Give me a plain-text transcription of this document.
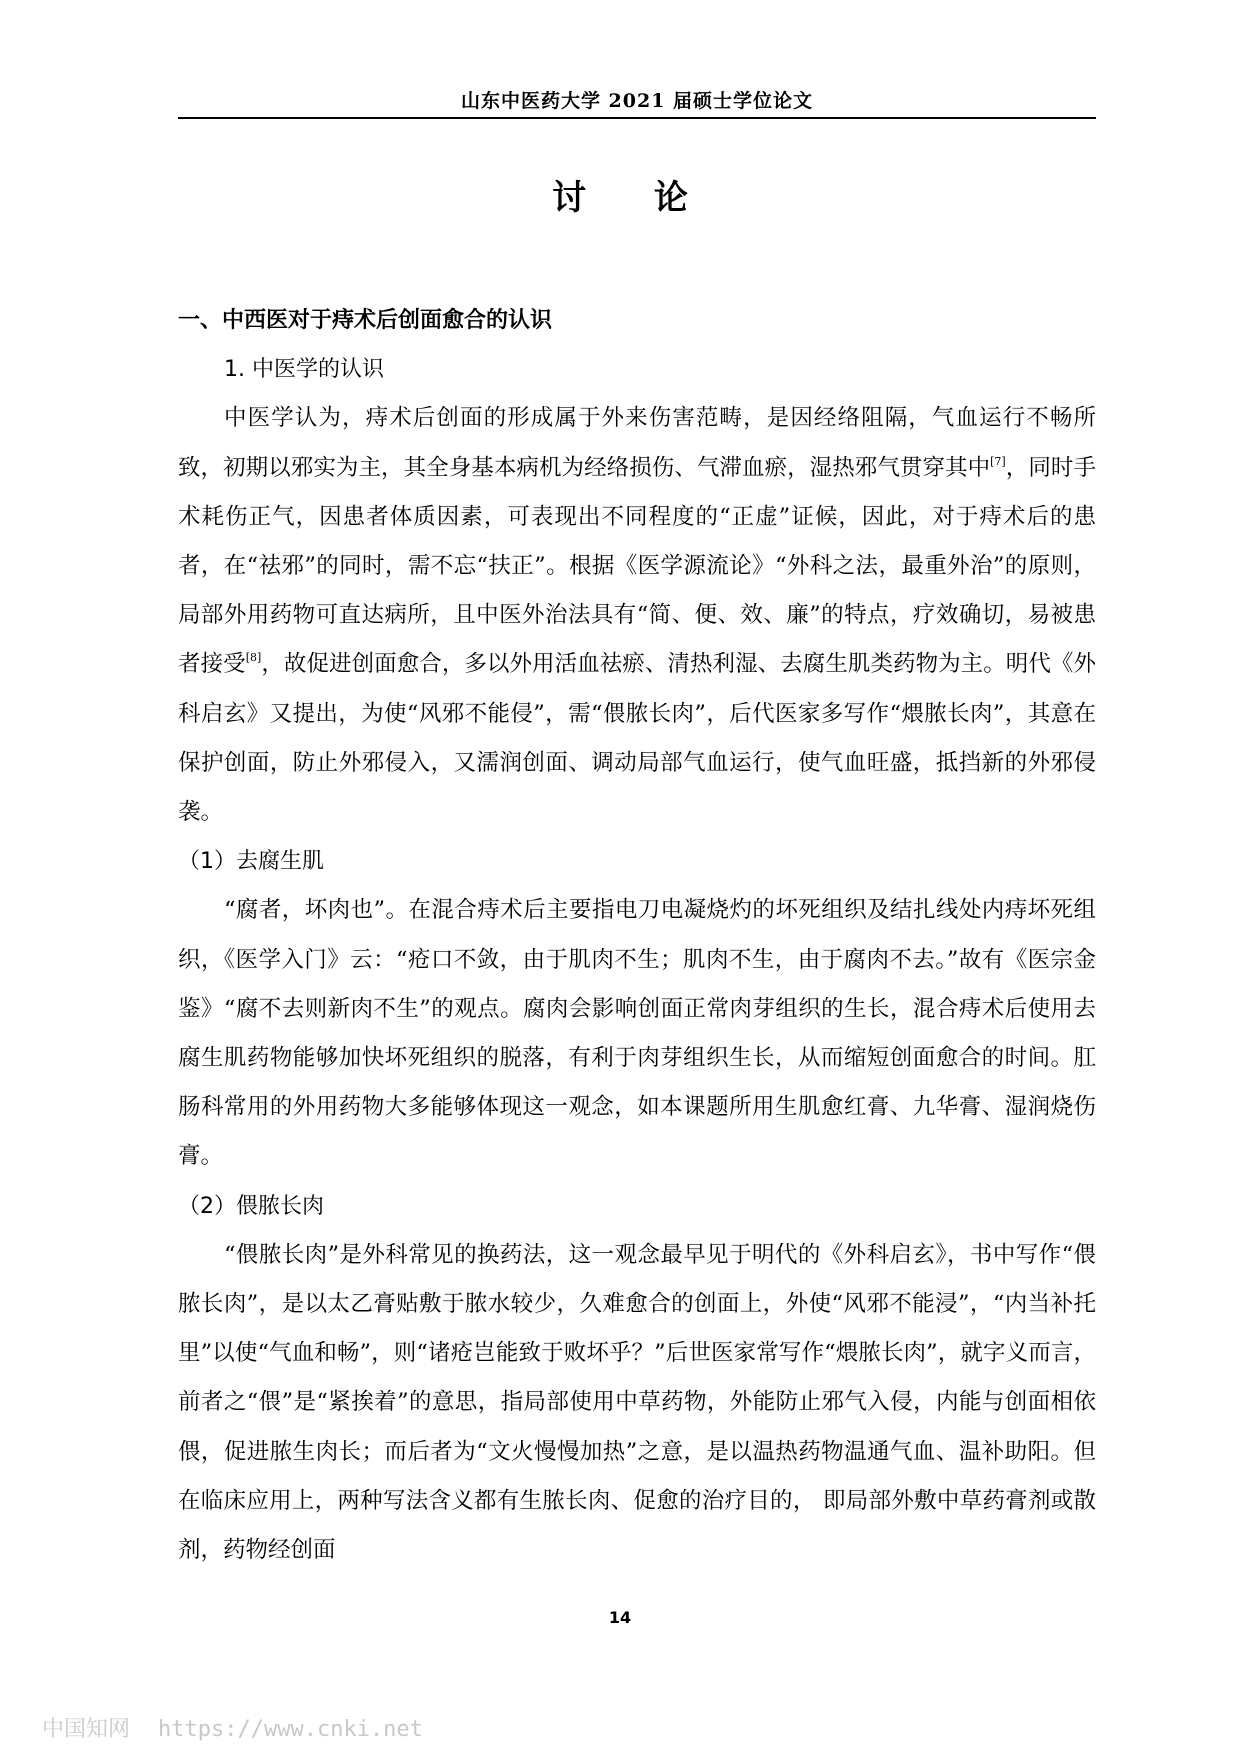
山东中医药大学 2021 届硕士学位论文
讨 论
一、中西医对于痔术后创面愈合的认识
1. 中医学的认识

中医学认为，痔术后创面的形成属于外来伤害范畴，是因经络阻隔，气血运行不畅所致，初期以邪实为主，其全身基本病机为经络损伤、气滞血瘀，湿热邪气贯穿其中[7]，同时手术耗伤正气，因患者体质因素，可表现出不同程度的“正虚”证候，因此，对于痔术后的患者，在“祛邪”的同时，需不忘“扶正”。根据《医学源流论》“外科之法，最重外治”的原则，局部外用药物可直达病所，且中医外治法具有“简、便、效、廉”的特点，疗效确切，易被患者接受[8]，故促进创面愈合，多以外用活血祛瘀、清热利湿、去腐生肌类药物为主。明代《外科启玄》又提出，为使“风邪不能侵”，需“偎脓长肉”，后代医家多写作“煨脓长肉”，其意在保护创面，防止外邪侵入，又濡润创面、调动局部气血运行，使气血旺盛，抵挡新的外邪侵袭。

（1）去腐生肌

“腐者，坏肉也”。在混合痔术后主要指电刀电凝烧灼的坏死组织及结扎线处内痔坏死组织，《医学入门》云：“疮口不敛，由于肌肉不生；肌肉不生，由于腐肉不去。”故有《医宗金鉴》“腐不去则新肉不生”的观点。腐肉会影响创面正常肉芽组织的生长，混合痔术后使用去腐生肌药物能够加快坏死组织的脱落，有利于肉芽组织生长，从而缩短创面愈合的时间。肛肠科常用的外用药物大多能够体现这一观念，如本课题所用生肌愈红膏、九华膏、湿润烧伤膏。

（2）偎脓长肉

“偎脓长肉”是外科常见的换药法，这一观念最早见于明代的《外科启玄》，书中写作“偎脓长肉”，是以太乙膏贴敷于脓水较少，久难愈合的创面上，外使“风邪不能浸”，“内当补托里”以使“气血和畅”，则“诸疮岂能致于败坏乎？”后世医家常写作“煨脓长肉”，就字义而言，前者之“偎”是“紧挨着”的意思，指局部使用中草药物，外能防止邪气入侵，内能与创面相依偎，促进脓生肉长；而后者为“文火慢慢加热”之意，是以温热药物温通气血、温补助阳。但在临床应用上，两种写法含义都有生脓长肉、促愈的治疗目的， 即局部外敷中草药膏剂或散剂，药物经创面

14
中国知网 https://www.cnki.net
